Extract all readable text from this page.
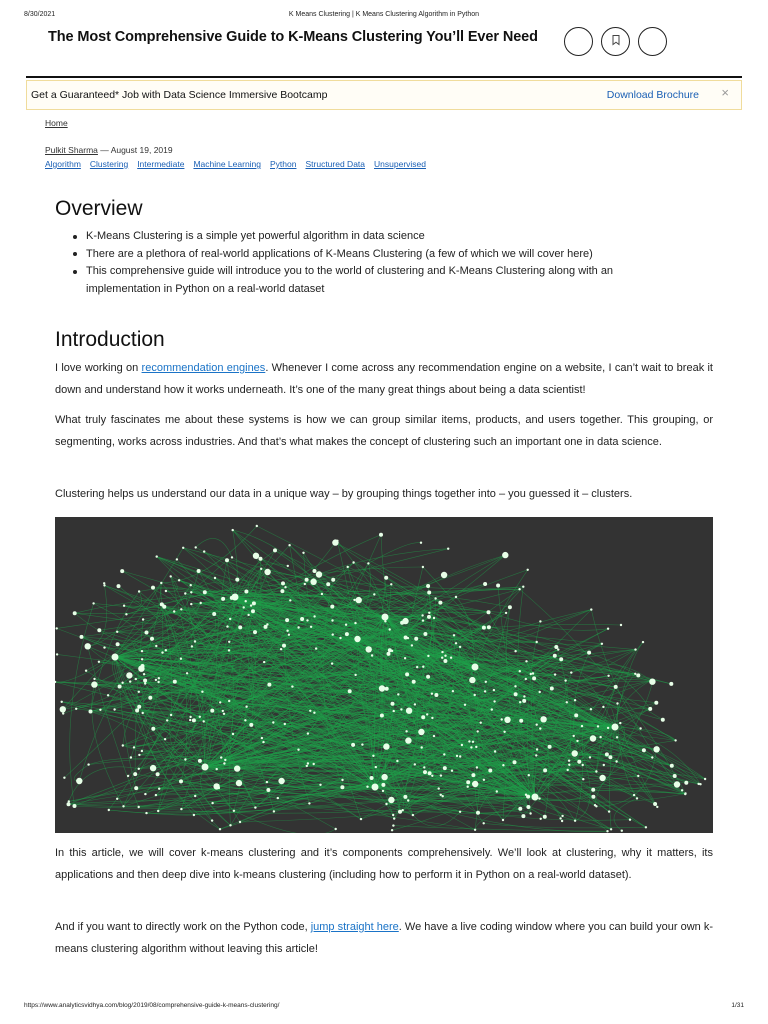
8/30/2021	K Means Clustering | K Means Clustering Algorithm in Python
The Most Comprehensive Guide to K-Means Clustering You’ll Ever Need
Get a Guaranteed* Job with Data Science Immersive Bootcamp	Download Brochure ×
Home
Pulkit Sharma — August 19, 2019
Algorithm Clustering Intermediate Machine Learning Python Structured Data Unsupervised
Overview
K-Means Clustering is a simple yet powerful algorithm in data science
There are a plethora of real-world applications of K-Means Clustering (a few of which we will cover here)
This comprehensive guide will introduce you to the world of clustering and K-Means Clustering along with an implementation in Python on a real-world dataset
Introduction

I love working on recommendation engines. Whenever I come across any recommendation engine on a website, I can’t wait to break it down and understand how it works underneath. It’s one of the many great things about being a data scientist!

What truly fascinates me about these systems is how we can group similar items, products, and users together. This grouping, or segmenting, works across industries. And that’s what makes the concept of clustering such an important one in data science.

Clustering helps us understand our data in a unique way – by grouping things together into – you guessed it – clusters.

In this article, we will cover k-means clustering and it’s components comprehensively. We’ll look at clustering, why it matters, its applications and then deep dive into k-means clustering (including how to perform it in Python on a real-world dataset).

And if you want to directly work on the Python code, jump straight here. We have a live coding window where you can build your own k-means clustering algorithm without leaving this article!

https://www.analyticsvidhya.com/blog/2019/08/comprehensive-guide-k-means-clustering/	1/31
